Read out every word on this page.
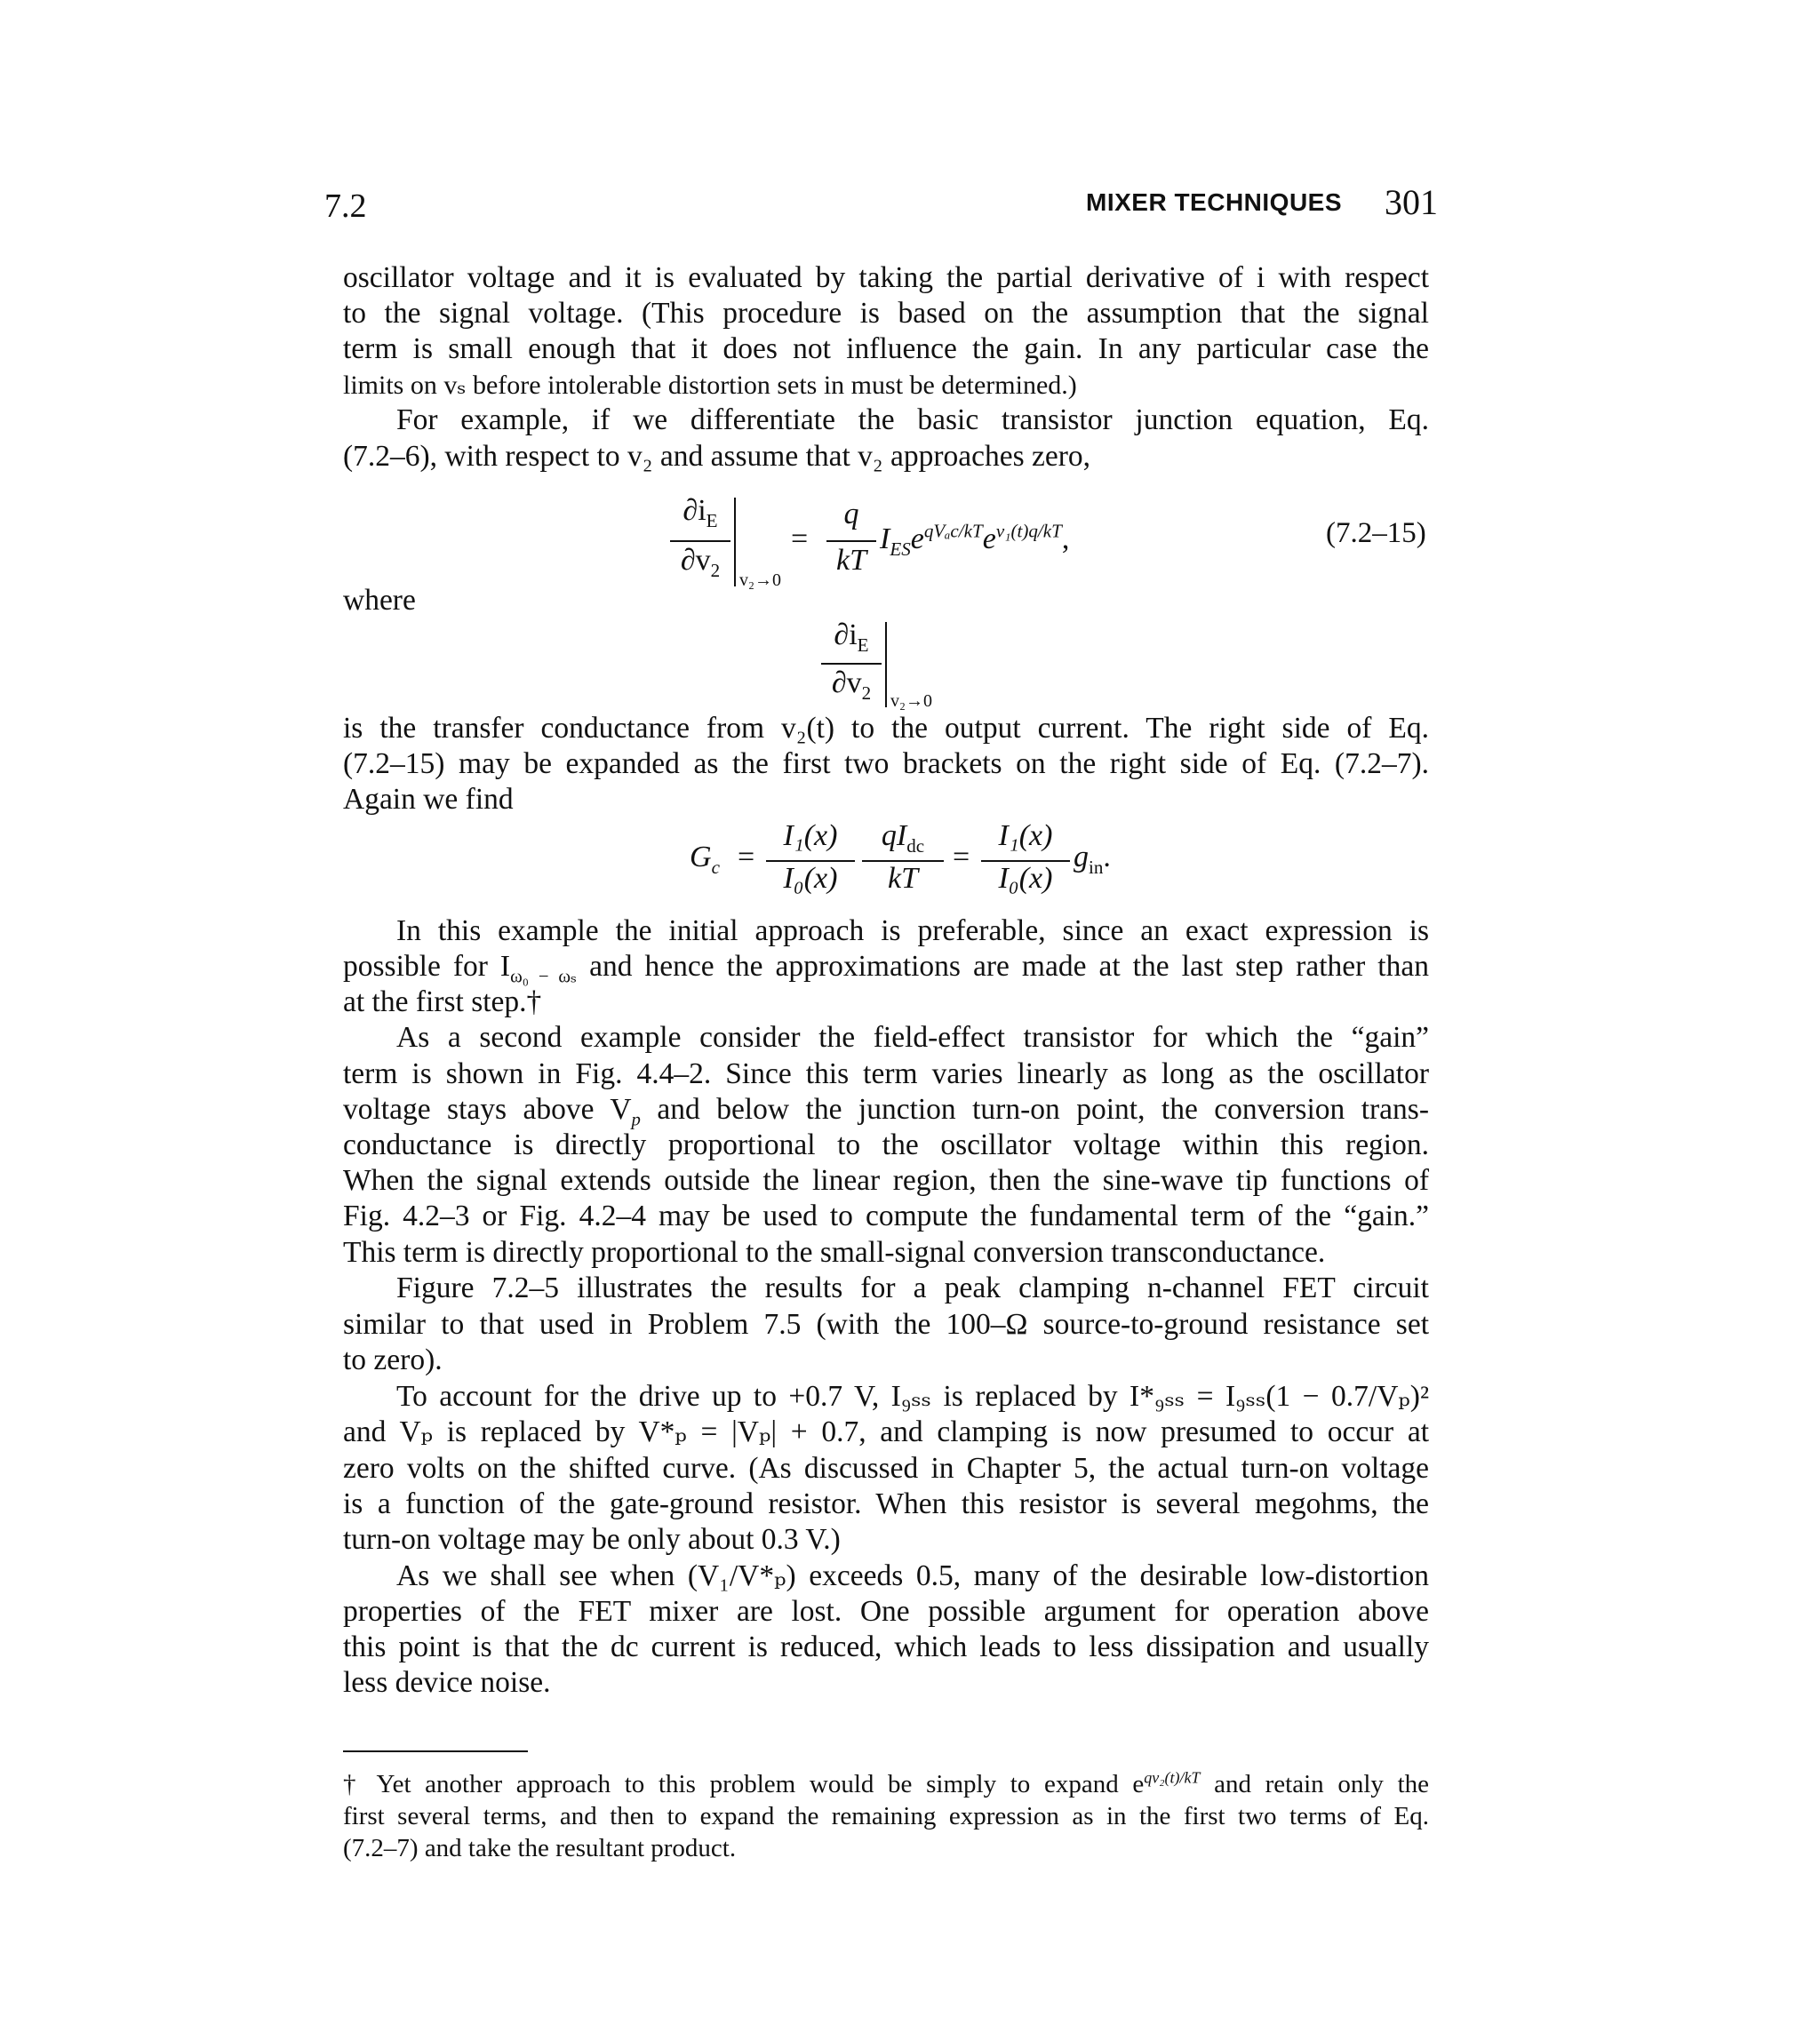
7.2	MIXER TECHNIQUES 301
oscillator voltage and it is evaluated by taking the partial derivative of i with respect
to the signal voltage. (This procedure is based on the assumption that the signal
term is small enough that it does not influence the gain. In any particular case the
limits on vₛ before intolerable distortion sets in must be determined.)
For example, if we differentiate the basic transistor junction equation, Eq.
(7.2–6), with respect to v₂ and assume that v₂ approaches zero,
$\partial i_E$
$\partial v_2$	v₂→0
=
q
kT
$I_{ES}e^{qV_ac/kT}e^{v_1(t)q/kT}$,	(7.2–15)
where
$\partial i_E$
$\partial v_2$	v₂→0
is the transfer conductance from v₂(t) to the output current. The right side of Eq.
(7.2–15) may be expanded as the first two brackets on the right side of Eq. (7.2–7).
Again we find
$G_c$ =
I₁(x)
I₀(x)
$qI_{dc}$
kT
=
I₁(x)
I₀(x)
$g_{in}$.
In this example the initial approach is preferable, since an exact expression is
possible for $I_{\omega_0 - \omega_s}$ and hence the approximations are made at the last step rather than
at the first step.†
As a second example consider the field-effect transistor for which the “gain”
term is shown in Fig. 4.4–2. Since this term varies linearly as long as the oscillator
voltage stays above $V_p$ and below the junction turn-on point, the conversion trans-
conductance is directly proportional to the oscillator voltage within this region.
When the signal extends outside the linear region, then the sine-wave tip functions of
Fig. 4.2–3 or Fig. 4.2–4 may be used to compute the fundamental term of the “gain.”
This term is directly proportional to the small-signal conversion transconductance.
Figure 7.2–5 illustrates the results for a peak clamping n-channel FET circuit
similar to that used in Problem 7.5 (with the 100–Ω source-to-ground resistance set
to zero).
To account for the drive up to +0.7 V, I₉ₛₛ is replaced by I*₉ₛₛ = I₉ₛₛ(1 − 0.7/Vₚ)²
and Vₚ is replaced by V*ₚ = |Vₚ| + 0.7, and clamping is now presumed to occur at
zero volts on the shifted curve. (As discussed in Chapter 5, the actual turn-on voltage
is a function of the gate-ground resistor. When this resistor is several megohms, the
turn-on voltage may be only about 0.3 V.)
As we shall see when (V₁/V*ₚ) exceeds 0.5, many of the desirable low-distortion
properties of the FET mixer are lost. One possible argument for operation above
this point is that the dc current is reduced, which leads to less dissipation and usually
less device noise.
† Yet another approach to this problem would be simply to expand $e^{qv_2(t)/kT}$ and retain only the
first several terms, and then to expand the remaining expression as in the first two terms of Eq.
(7.2–7) and take the resultant product.
